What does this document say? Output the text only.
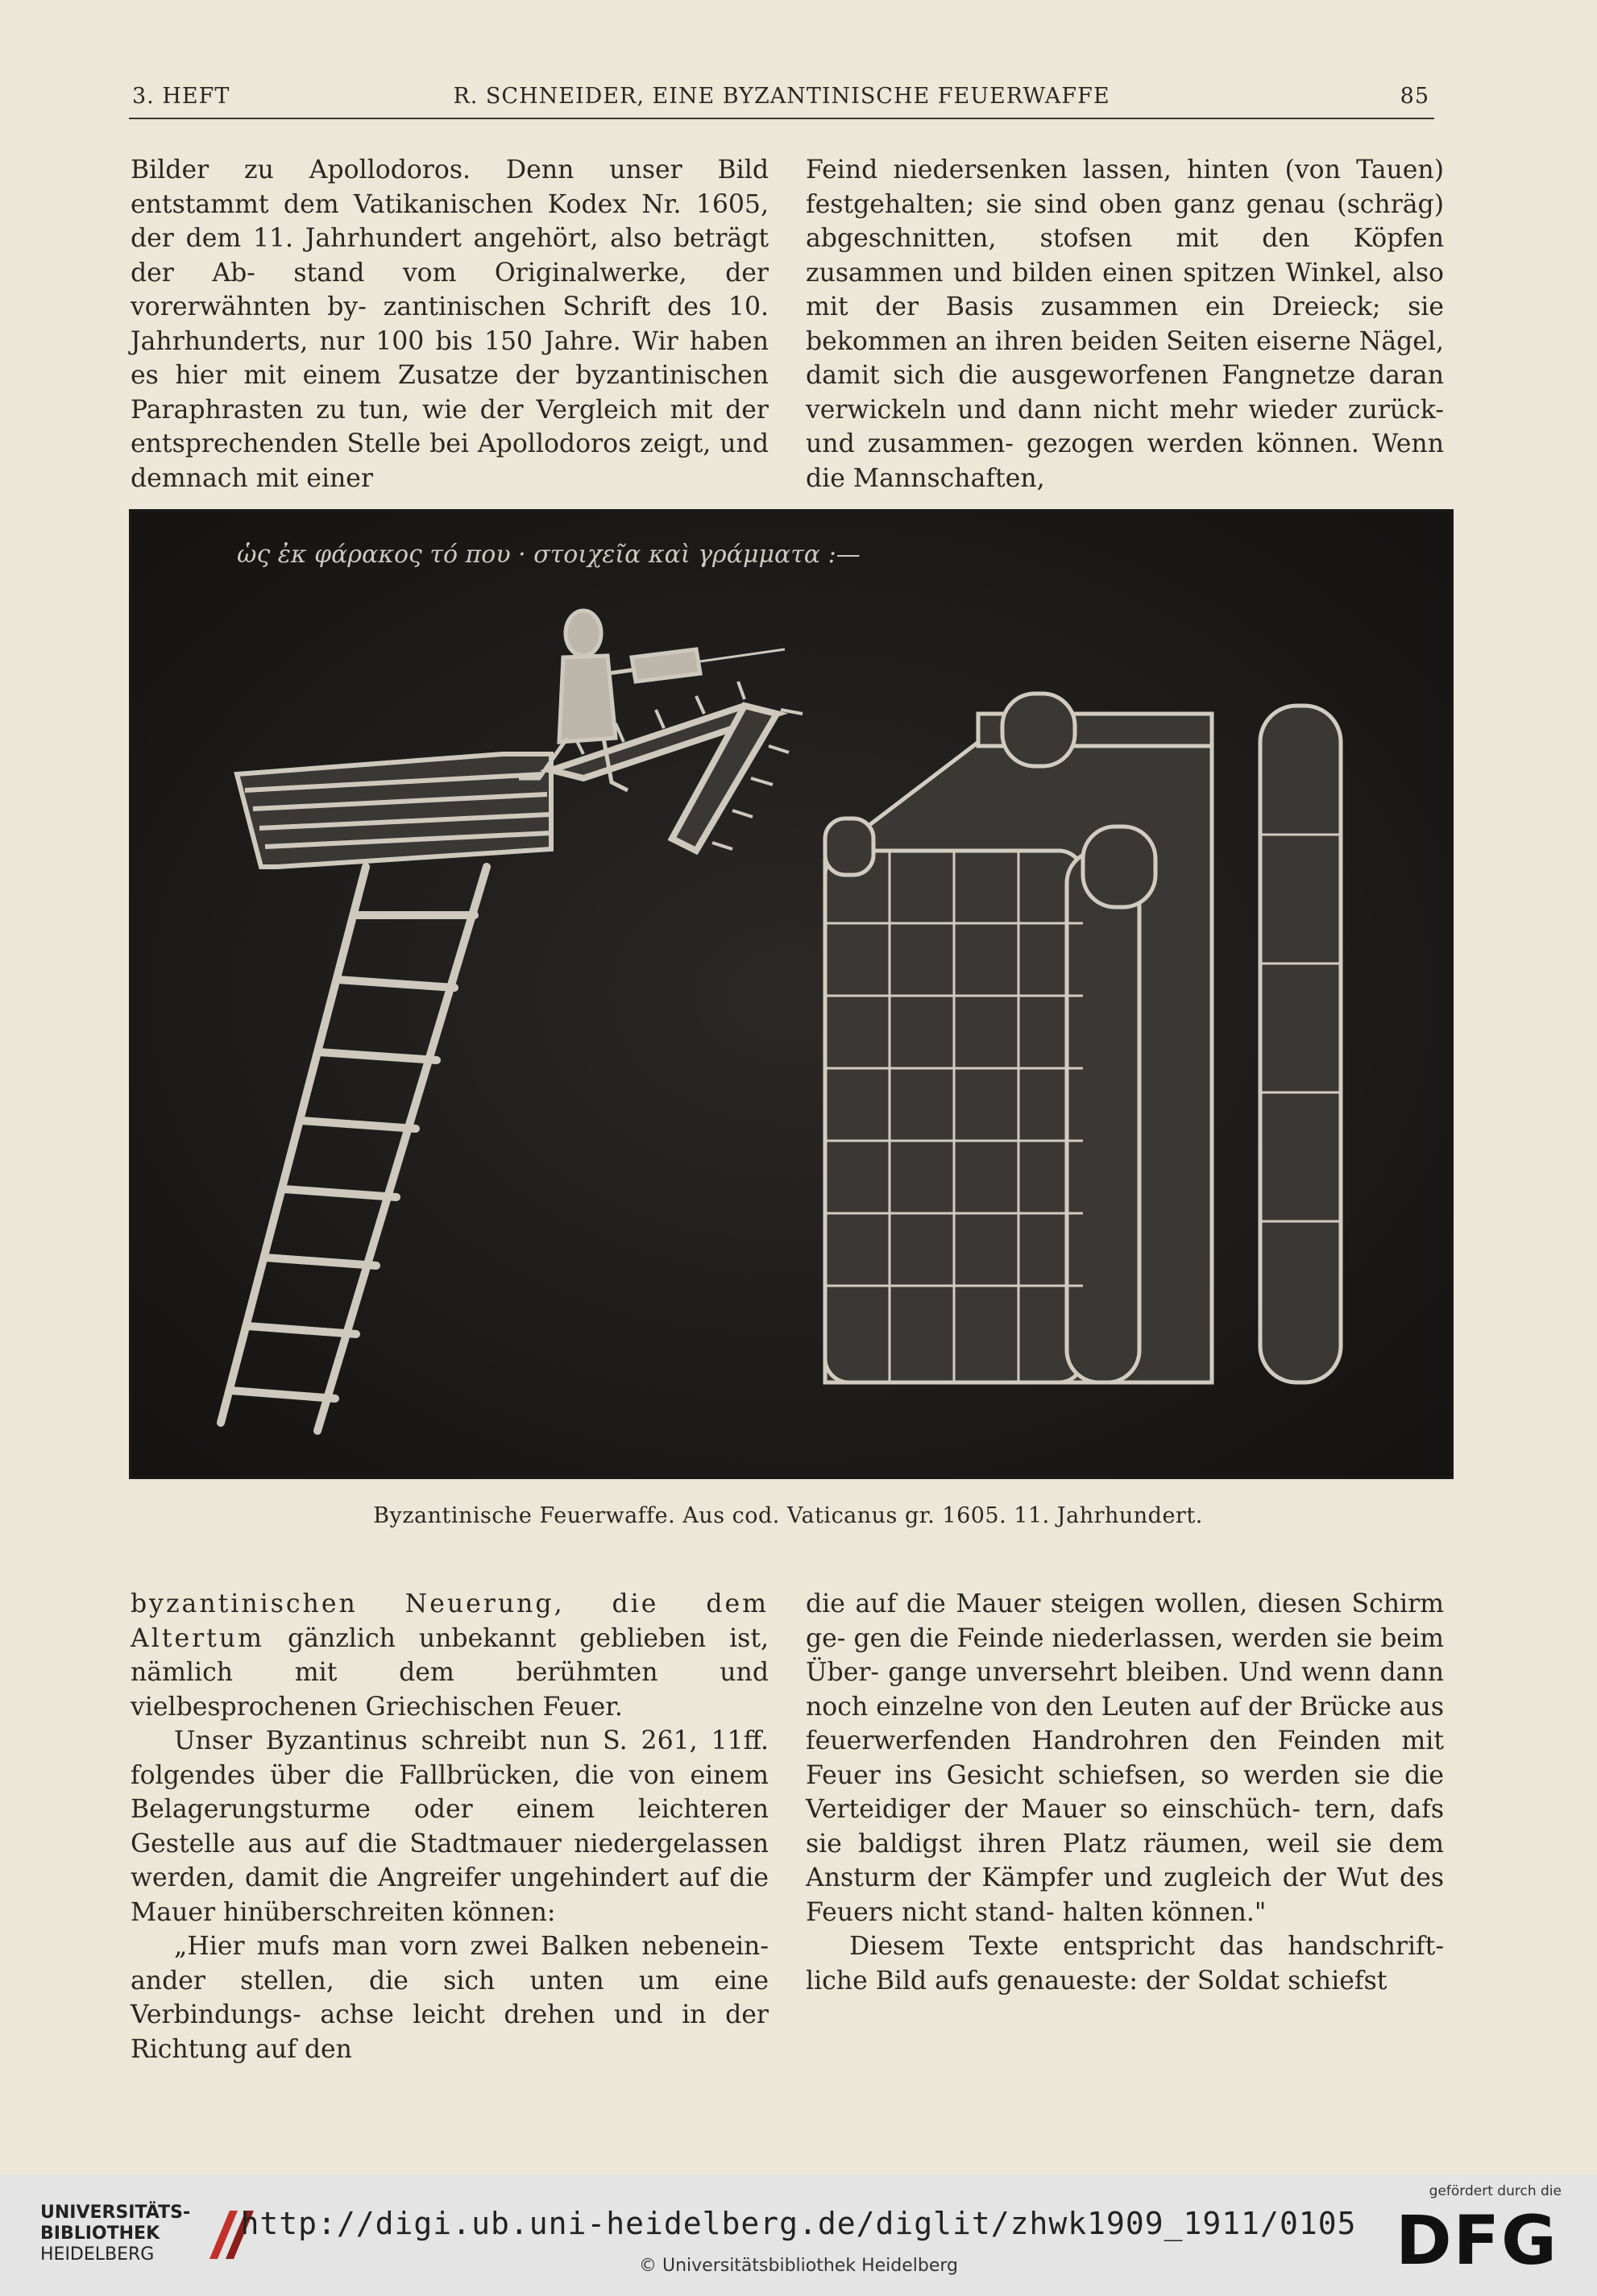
3. HEFT	R. SCHNEIDER, EINE BYZANTINISCHE FEUERWAFFE	85

Bilder zu Apollodoros. Denn unser Bild entstammt dem Vatikanischen Kodex Nr. 1605, der dem 11. Jahrhundert angehört, also beträgt der Ab- stand vom Originalwerke, der vorerwähnten by- zantinischen Schrift des 10. Jahrhunderts, nur 100 bis 150 Jahre. Wir haben es hier mit einem Zusatze der byzantinischen Paraphrasten zu tun, wie der Vergleich mit der entsprechenden Stelle bei Apollodoros zeigt, und demnach mit einer

Feind niedersenken lassen, hinten (von Tauen) festgehalten; sie sind oben ganz genau (schräg) abgeschnitten, stofsen mit den Köpfen zusammen und bilden einen spitzen Winkel, also mit der Basis zusammen ein Dreieck; sie bekommen an ihren beiden Seiten eiserne Nägel, damit sich die ausgeworfenen Fangnetze daran verwickeln und dann nicht mehr wieder zurück- und zusammen- gezogen werden können. Wenn die Mannschaften,

ὡς ἐκ φάρακος τό που · στοιχεῖα καὶ γράμματα :—
Byzantinische Feuerwaffe. Aus cod. Vaticanus gr. 1605. 11. Jahrhundert.

byzantinischen Neuerung, die dem Altertum gänzlich unbekannt geblieben ist, nämlich mit dem berühmten und vielbesprochenen Griechischen Feuer.

Unser Byzantinus schreibt nun S. 261, 11ff. folgendes über die Fallbrücken, die von einem Belagerungsturme oder einem leichteren Gestelle aus auf die Stadtmauer niedergelassen werden, damit die Angreifer ungehindert auf die Mauer hinüberschreiten können:

„Hier mufs man vorn zwei Balken nebenein- ander stellen, die sich unten um eine Verbindungs- achse leicht drehen und in der Richtung auf den

die auf die Mauer steigen wollen, diesen Schirm ge- gen die Feinde niederlassen, werden sie beim Über- gange unversehrt bleiben. Und wenn dann noch einzelne von den Leuten auf der Brücke aus feuerwerfenden Handrohren den Feinden mit Feuer ins Gesicht schiefsen, so werden sie die Verteidiger der Mauer so einschüch- tern, dafs sie baldigst ihren Platz räumen, weil sie dem Ansturm der Kämpfer und zugleich der Wut des Feuers nicht stand- halten können."

Diesem Texte entspricht das handschrift- liche Bild aufs genaueste: der Soldat schiefst

UNIVERSITÄTS-
BIBLIOTHEK
HEIDELBERG
http://digi.ub.uni-heidelberg.de/diglit/zhwk1909_1911/0105
© Universitätsbibliothek Heidelberg
gefördert durch die
DFG
